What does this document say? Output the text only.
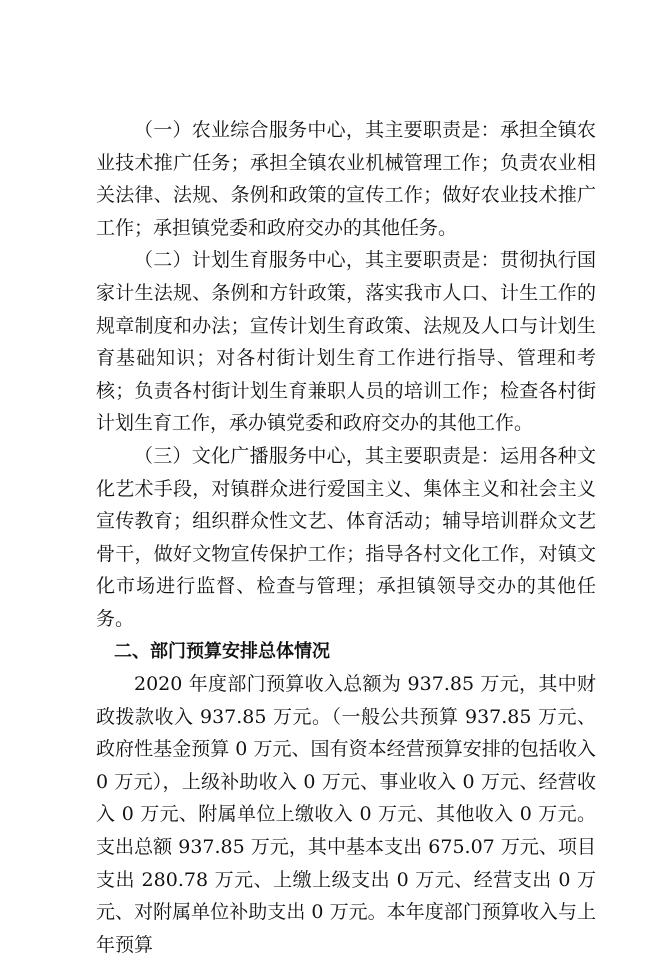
（一）农业综合服务中心，其主要职责是：承担全镇农业技术推广任务；承担全镇农业机械管理工作；负责农业相关法律、法规、条例和政策的宣传工作；做好农业技术推广工作；承担镇党委和政府交办的其他任务。

（二）计划生育服务中心，其主要职责是：贯彻执行国家计生法规、条例和方针政策，落实我市人口、计生工作的规章制度和办法；宣传计划生育政策、法规及人口与计划生育基础知识；对各村街计划生育工作进行指导、管理和考核；负责各村街计划生育兼职人员的培训工作；检查各村街计划生育工作，承办镇党委和政府交办的其他工作。

（三）文化广播服务中心，其主要职责是：运用各种文化艺术手段，对镇群众进行爱国主义、集体主义和社会主义宣传教育；组织群众性文艺、体育活动；辅导培训群众文艺骨干，做好文物宣传保护工作；指导各村文化工作，对镇文化市场进行监督、检查与管理；承担镇领导交办的其他任务。

二、部门预算安排总体情况

2020 年度部门预算收入总额为 937.85 万元，其中财政拨款收入 937.85 万元。（一般公共预算 937.85 万元、政府性基金预算 0 万元、国有资本经营预算安排的包括收入 0 万元），上级补助收入 0 万元、事业收入 0 万元、经营收入 0 万元、附属单位上缴收入 0 万元、其他收入 0 万元。支出总额 937.85 万元，其中基本支出 675.07 万元、项目支出 280.78 万元、上缴上级支出 0 万元、经营支出 0 万元、对附属单位补助支出 0 万元。本年度部门预算收入与上年预算
